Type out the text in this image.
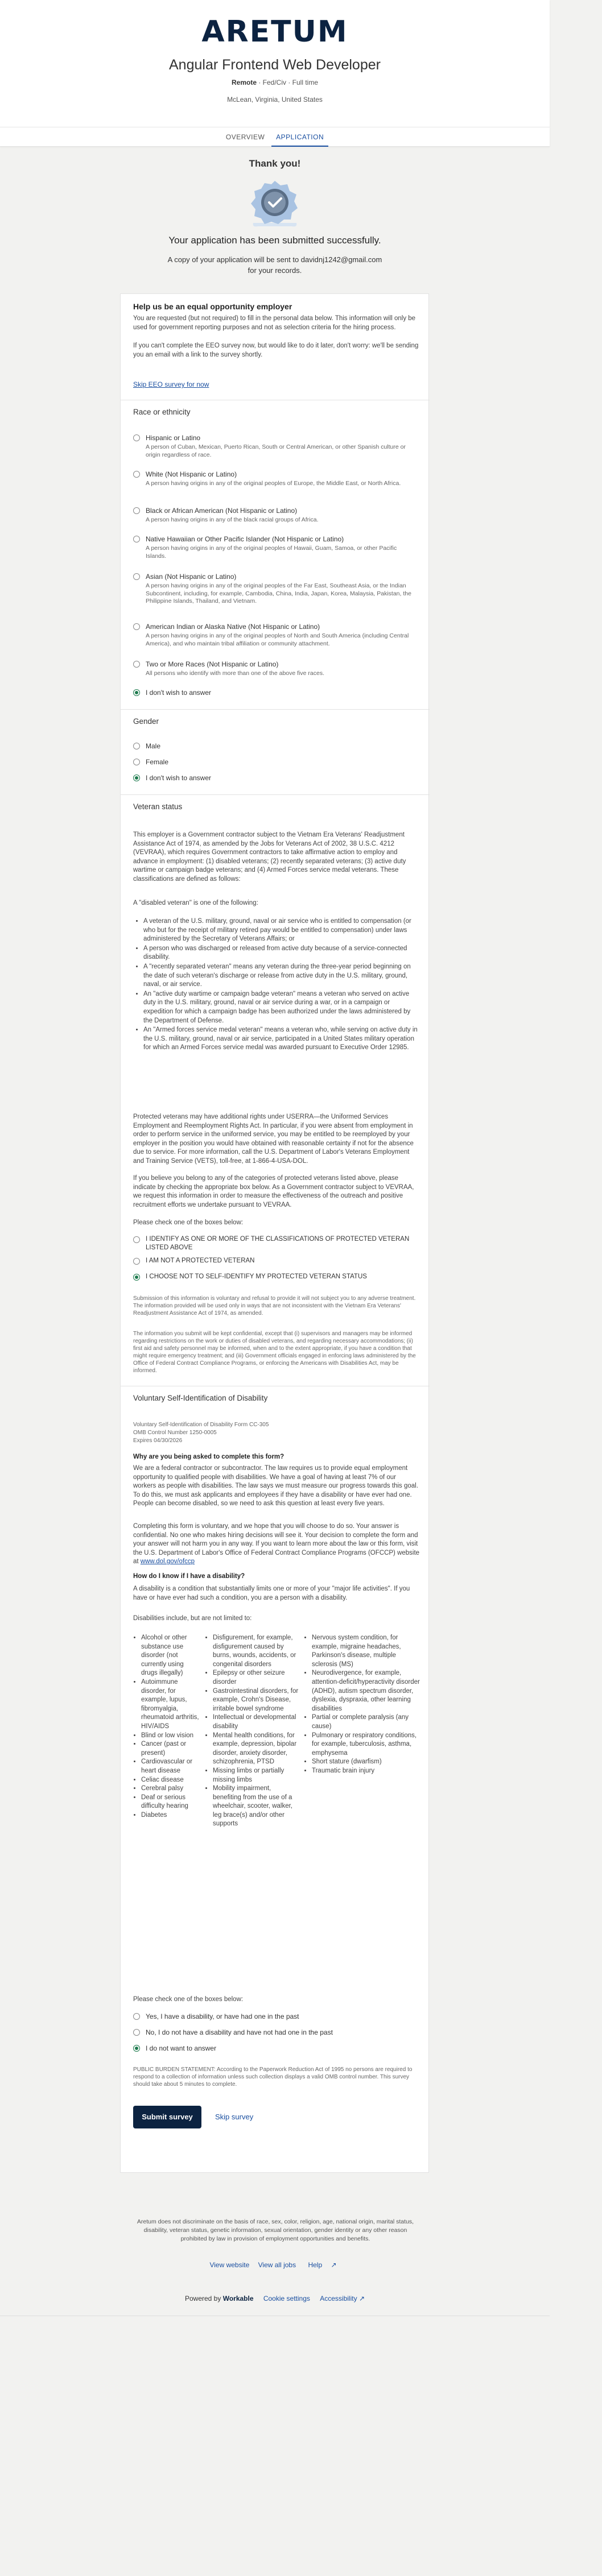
ARETUM
Angular Frontend Web Developer
Remote · Fed/Civ · Full time
McLean, Virginia, United States
OVERVIEW APPLICATION
Thank you!
Your application has been submitted successfully.
A copy of your application will be sent to davidnj1242@gmail.com
for your records.
Help us be an equal opportunity employer
You are requested (but not required) to fill in the personal data below. This information will only be used for government reporting purposes and not as selection criteria for the hiring process.
If you can't complete the EEO survey now, but would like to do it later, don't worry: we'll be sending you an email with a link to the survey shortly.
Skip EEO survey for now
Race or ethnicity
Hispanic or Latino
A person of Cuban, Mexican, Puerto Rican, South or Central American, or other Spanish culture or origin regardless of race.
White (Not Hispanic or Latino)
A person having origins in any of the original peoples of Europe, the Middle East, or North Africa.
Black or African American (Not Hispanic or Latino)
A person having origins in any of the black racial groups of Africa.
Native Hawaiian or Other Pacific Islander (Not Hispanic or Latino)
A person having origins in any of the original peoples of Hawaii, Guam, Samoa, or other Pacific Islands.
Asian (Not Hispanic or Latino)
A person having origins in any of the original peoples of the Far East, Southeast Asia, or the Indian Subcontinent, including, for example, Cambodia, China, India, Japan, Korea, Malaysia, Pakistan, the Philippine Islands, Thailand, and Vietnam.
American Indian or Alaska Native (Not Hispanic or Latino)
A person having origins in any of the original peoples of North and South America (including Central America), and who maintain tribal affiliation or community attachment.
Two or More Races (Not Hispanic or Latino)
All persons who identify with more than one of the above five races.
I don't wish to answer
Gender
Male
Female
I don't wish to answer
Veteran status
This employer is a Government contractor subject to the Vietnam Era Veterans' Readjustment Assistance Act of 1974, as amended by the Jobs for Veterans Act of 2002, 38 U.S.C. 4212 (VEVRAA), which requires Government contractors to take affirmative action to employ and advance in employment: (1) disabled veterans; (2) recently separated veterans; (3) active duty wartime or campaign badge veterans; and (4) Armed Forces service medal veterans. These classifications are defined as follows:
A "disabled veteran" is one of the following:
• A veteran of the U.S. military, ground, naval or air service who is entitled to compensation (or who but for the receipt of military retired pay would be entitled to compensation) under laws administered by the Secretary of Veterans Affairs; or
• A person who was discharged or released from active duty because of a service-connected disability.
• A "recently separated veteran" means any veteran during the three-year period beginning on the date of such veteran's discharge or release from active duty in the U.S. military, ground, naval, or air service.
• An "active duty wartime or campaign badge veteran" means a veteran who served on active duty in the U.S. military, ground, naval or air service during a war, or in a campaign or expedition for which a campaign badge has been authorized under the laws administered by the Department of Defense.
• An "Armed forces service medal veteran" means a veteran who, while serving on active duty in the U.S. military, ground, naval or air service, participated in a United States military operation for which an Armed Forces service medal was awarded pursuant to Executive Order 12985.
Protected veterans may have additional rights under USERRA—the Uniformed Services Employment and Reemployment Rights Act. In particular, if you were absent from employment in order to perform service in the uniformed service, you may be entitled to be reemployed by your employer in the position you would have obtained with reasonable certainty if not for the absence due to service. For more information, call the U.S. Department of Labor's Veterans Employment and Training Service (VETS), toll-free, at 1-866-4-USA-DOL.
If you believe you belong to any of the categories of protected veterans listed above, please indicate by checking the appropriate box below. As a Government contractor subject to VEVRAA, we request this information in order to measure the effectiveness of the outreach and positive recruitment efforts we undertake pursuant to VEVRAA.
Please check one of the boxes below:
I IDENTIFY AS ONE OR MORE OF THE CLASSIFICATIONS OF PROTECTED VETERAN
LISTED ABOVE
I AM NOT A PROTECTED VETERAN
I CHOOSE NOT TO SELF-IDENTIFY MY PROTECTED VETERAN STATUS
Submission of this information is voluntary and refusal to provide it will not subject you to any adverse treatment. The information provided will be used only in ways that are not inconsistent with the Vietnam Era Veterans' Readjustment Assistance Act of 1974, as amended.
The information you submit will be kept confidential, except that (i) supervisors and managers may be informed regarding restrictions on the work or duties of disabled veterans, and regarding necessary accommodations; (ii) first aid and safety personnel may be informed, when and to the extent appropriate, if you have a condition that might require emergency treatment; and (iii) Government officials engaged in enforcing laws administered by the Office of Federal Contract Compliance Programs, or enforcing the Americans with Disabilities Act, may be informed.
Voluntary Self-Identification of Disability
Voluntary Self-Identification of Disability Form CC-305
OMB Control Number 1250-0005
Expires 04/30/2026
Why are you being asked to complete this form?
We are a federal contractor or subcontractor. The law requires us to provide equal employment opportunity to qualified people with disabilities. We have a goal of having at least 7% of our workers as people with disabilities. The law says we must measure our progress towards this goal. To do this, we must ask applicants and employees if they have a disability or have ever had one. People can become disabled, so we need to ask this question at least every five years.
Completing this form is voluntary, and we hope that you will choose to do so. Your answer is confidential. No one who makes hiring decisions will see it. Your decision to complete the form and your answer will not harm you in any way. If you want to learn more about the law or this form, visit the U.S. Department of Labor's Office of Federal Contract Compliance Programs (OFCCP) website at www.dol.gov/ofccp
How do I know if I have a disability?
A disability is a condition that substantially limits one or more of your "major life activities". If you have or have ever had such a condition, you are a person with a disability.
Disabilities include, but are not limited to:
• Alcohol or other substance use disorder (not currently using drugs illegally)
• Autoimmune disorder, for example, lupus, fibromyalgia, rheumatoid arthritis, HIV/AIDS
• Blind or low vision
• Cancer (past or present)
• Cardiovascular or heart disease
• Celiac disease
• Cerebral palsy
• Deaf or serious difficulty hearing
• Diabetes
• Disfigurement, for example, disfigurement caused by burns, wounds, accidents, or congenital disorders
• Epilepsy or other seizure disorder
• Gastrointestinal disorders, for example, Crohn's Disease, irritable bowel syndrome
• Intellectual or developmental disability
• Mental health conditions, for example, depression, bipolar disorder, anxiety disorder, schizophrenia, PTSD
• Missing limbs or partially missing limbs
• Mobility impairment, benefiting from the use of a wheelchair, scooter, walker, leg brace(s) and/or other supports
• Nervous system condition, for example, migraine headaches, Parkinson's disease, multiple sclerosis (MS)
• Neurodivergence, for example, attention-deficit/hyperactivity disorder (ADHD), autism spectrum disorder, dyslexia, dyspraxia, other learning disabilities
• Partial or complete paralysis (any cause)
• Pulmonary or respiratory conditions, for example, tuberculosis, asthma, emphysema
• Short stature (dwarfism)
• Traumatic brain injury
Please check one of the boxes below:
Yes, I have a disability, or have had one in the past
No, I do not have a disability and have not had one in the past
I do not want to answer
PUBLIC BURDEN STATEMENT: According to the Paperwork Reduction Act of 1995 no persons are required to respond to a collection of information unless such collection displays a valid OMB control number. This survey should take about 5 minutes to complete.
Submit survey	Skip survey
Aretum does not discriminate on the basis of race, sex, color, religion, age, national origin, marital status, disability, veteran status, genetic information, sexual orientation, gender identity or any other reason prohibited by law in provision of employment opportunities and benefits.
View website View all jobs Help ↗
Powered by Workable Cookie settings Accessibility ↗
